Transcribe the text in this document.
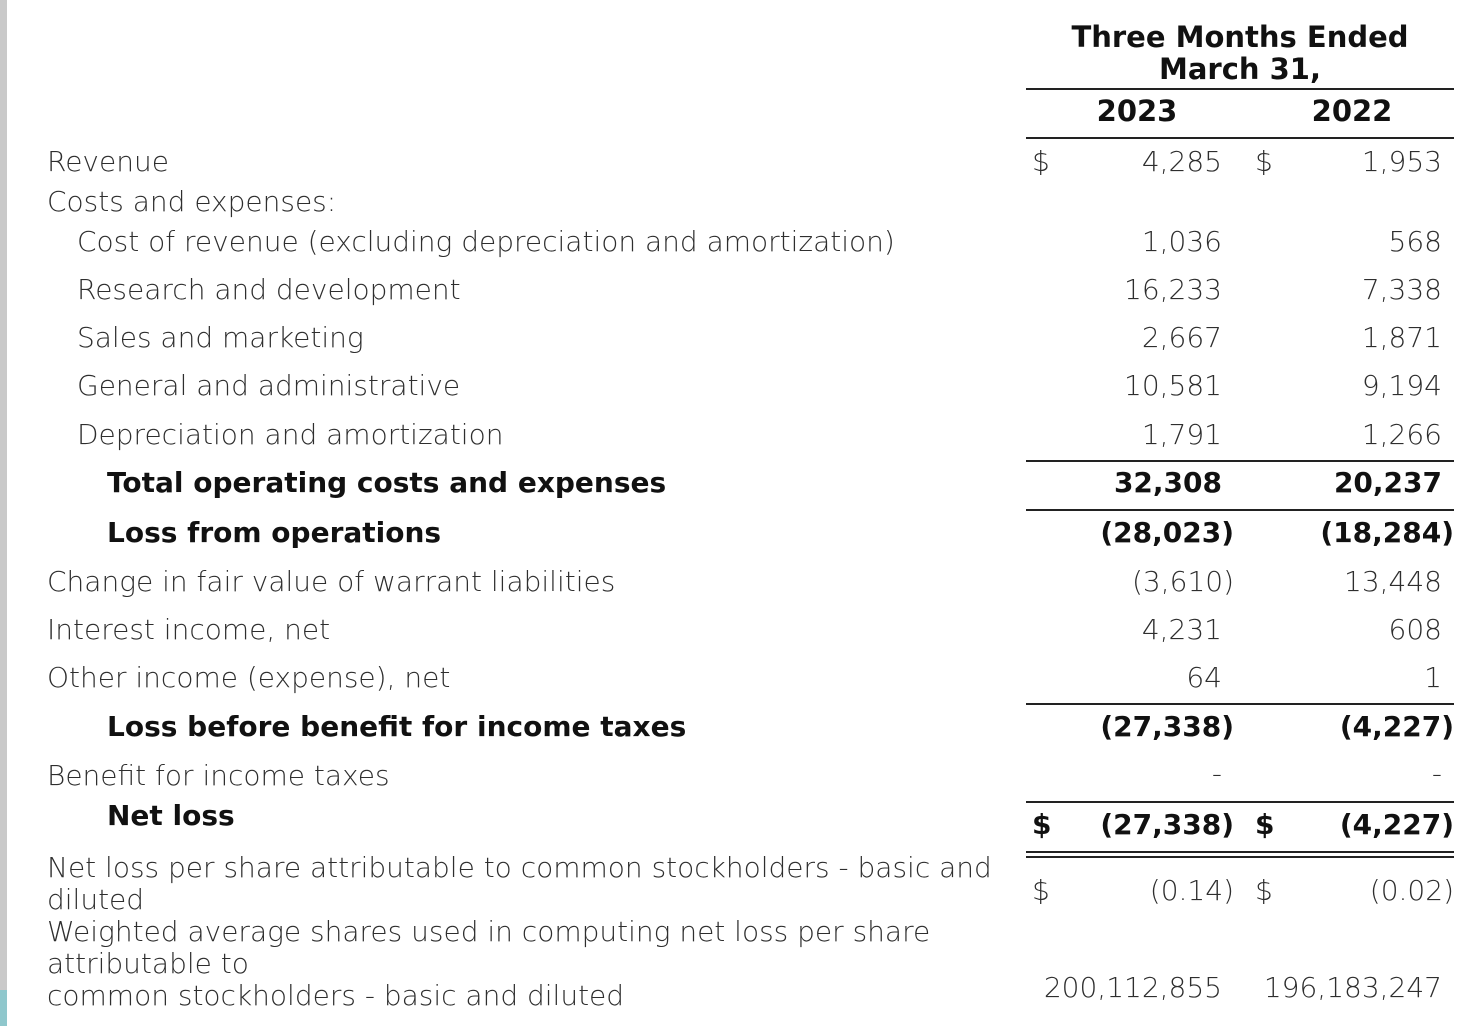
Three Months Ended
March 31,
2023	2022
Revenue	$	4,285 $	1,953
Costs and expenses:
Cost of revenue (excluding depreciation and amortization)	1,036	568
Research and development	16,233	7,338
Sales and marketing	2,667	1,871
General and administrative	10,581	9,194
Depreciation and amortization	1,791	1,266
Total operating costs and expenses	32,308	20,237
Loss from operations	(28,023)	(18,284)
Change in fair value of warrant liabilities	(3,610)	13,448
Interest income, net	4,231	608
Other income (expense), net	64	1
Loss before benefit for income taxes	(27,338)	(4,227)
Benefit for income taxes	-	-
Net loss	$ (27,338) $ (4,227)
Net loss per share attributable to common stockholders - basic and
diluted	$	(0.14) $	(0.02)
Weighted average shares used in computing net loss per share
attributable to
common stockholders - basic and diluted	200,112,855 196,183,247
